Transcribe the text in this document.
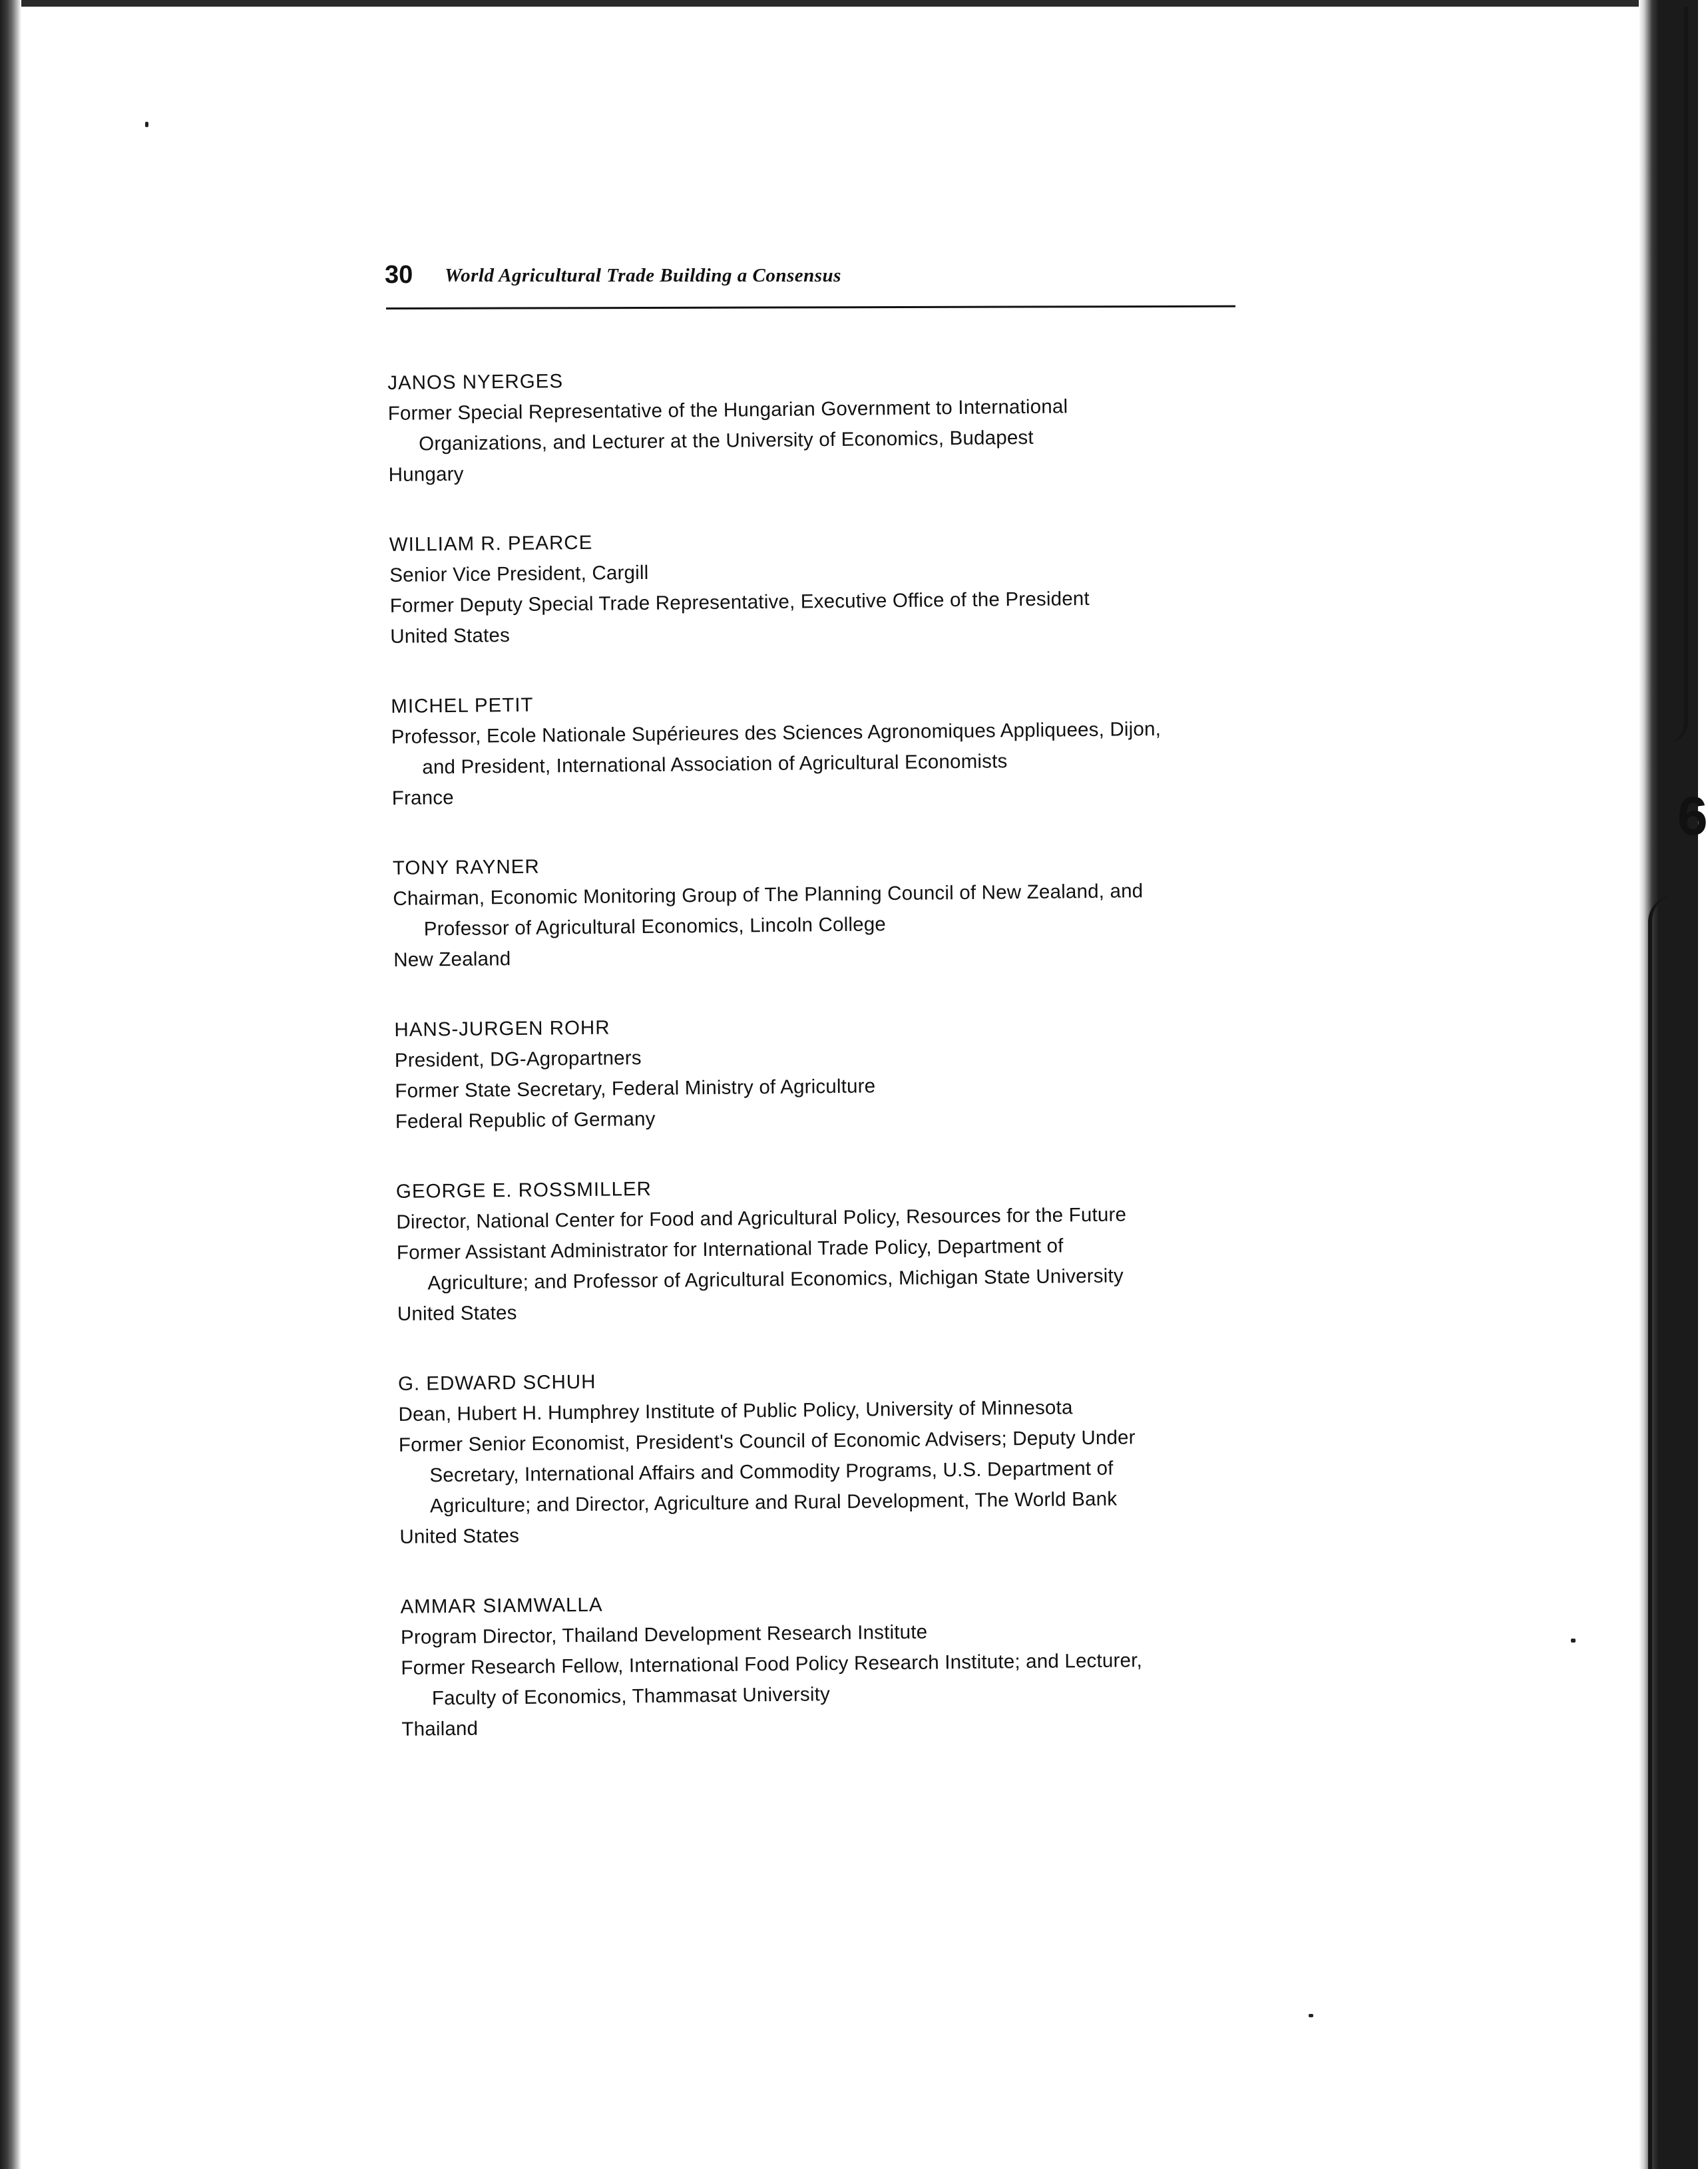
6
30 World Agricultural Trade Building a Consensus

JANOS NYERGES

Former Special Representative of the Hungarian Government to International

Organizations, and Lecturer at the University of Economics, Budapest

Hungary

WILLIAM R. PEARCE

Senior Vice President, Cargill

Former Deputy Special Trade Representative, Executive Office of the President

United States

MICHEL PETIT

Professor, Ecole Nationale Supérieures des Sciences Agronomiques Appliquees, Dijon,

and President, International Association of Agricultural Economists

France

TONY RAYNER

Chairman, Economic Monitoring Group of The Planning Council of New Zealand, and

Professor of Agricultural Economics, Lincoln College

New Zealand

HANS-JURGEN ROHR

President, DG-Agropartners

Former State Secretary, Federal Ministry of Agriculture

Federal Republic of Germany

GEORGE E. ROSSMILLER

Director, National Center for Food and Agricultural Policy, Resources for the Future

Former Assistant Administrator for International Trade Policy, Department of

Agriculture; and Professor of Agricultural Economics, Michigan State University

United States

G. EDWARD SCHUH

Dean, Hubert H. Humphrey Institute of Public Policy, University of Minnesota

Former Senior Economist, President's Council of Economic Advisers; Deputy Under

Secretary, International Affairs and Commodity Programs, U.S. Department of

Agriculture; and Director, Agriculture and Rural Development, The World Bank

United States

AMMAR SIAMWALLA

Program Director, Thailand Development Research Institute

Former Research Fellow, International Food Policy Research Institute; and Lecturer,

Faculty of Economics, Thammasat University

Thailand
